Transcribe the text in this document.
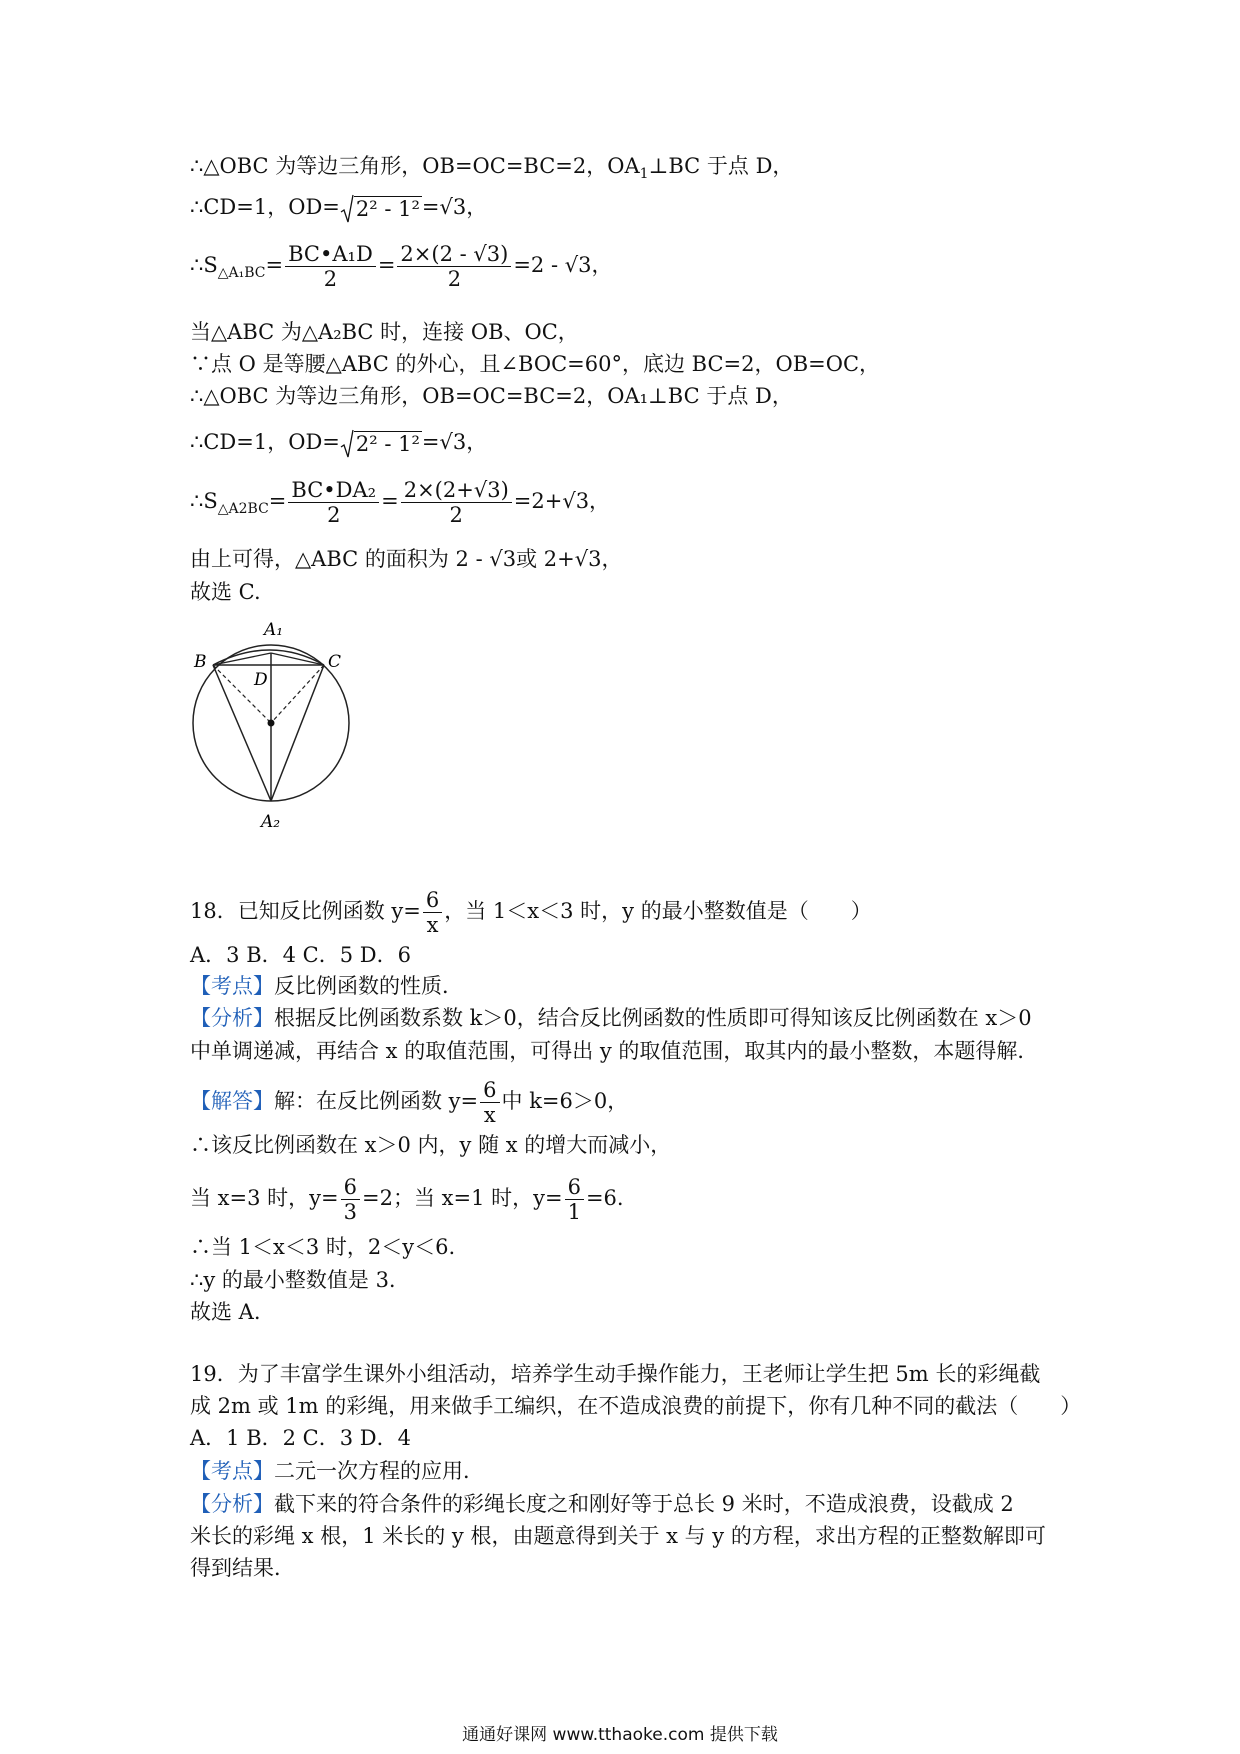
∴△OBC 为等边三角形，OB=OC=BC=2，$OA_1\perp BC$ 于点 D，
∴CD=1，OD= 2² - 1²=√3，
$\therefore S_{\triangle A_1BC}= \frac{\text{BC•A₁D}}{2} = \frac{2\times(2 - √3)}{2} =2 - √3$，
当△ABC 为△A₂BC 时，连接 OB、OC，
∵点 O 是等腰△ABC 的外心，且∠BOC=60°，底边 BC=2，OB=OC，
∴△OBC 为等边三角形，OB=OC=BC=2，OA₁⊥BC 于点 D，
∴CD=1，OD= 2² - 1²=√3，
$\therefore S_{\triangle A2BC}= \frac{\text{BC•DA₂}}{2} = \frac{2\times(2+√3)}{2} =2+√3$，
由上可得，△ABC 的面积为 2 - √3或 2+√3，
故选 C.
A₁
A₂
B	C
D
18．已知反比例函数 $y= \frac{6}{x}$ ，当 1＜x＜3 时，y 的最小整数值是（　　）
A．3 B．4 C．5 D．6
【考点】反比例函数的性质．
【分析】根据反比例函数系数 k＞0，结合反比例函数的性质即可得知该反比例函数在 x＞0
中单调递减，再结合 x 的取值范围，可得出 y 的取值范围，取其内的最小整数，本题得解．
【解答】解：在反比例函数 $y= \frac{6}{x}$ 中 k=6＞0，
∴该反比例函数在 x＞0 内，y 随 x 的增大而减小，
当 x=3 时，$y= \frac{6}{3} =2$；当 x=1 时，$y= \frac{6}{1} =6$.
∴当 1＜x＜3 时，2＜y＜6.
∴y 的最小整数值是 3.
故选 A.
19．为了丰富学生课外小组活动，培养学生动手操作能力，王老师让学生把 5m 长的彩绳截
成 2m 或 1m 的彩绳，用来做手工编织，在不造成浪费的前提下，你有几种不同的截法（　　）
A．1 B．2 C．3 D．4
【考点】二元一次方程的应用．
【分析】截下来的符合条件的彩绳长度之和刚好等于总长 9 米时，不造成浪费，设截成 2
米长的彩绳 x 根，1 米长的 y 根，由题意得到关于 x 与 y 的方程，求出方程的正整数解即可
得到结果．
通通好课网 www.tthaoke.com 提供下载
